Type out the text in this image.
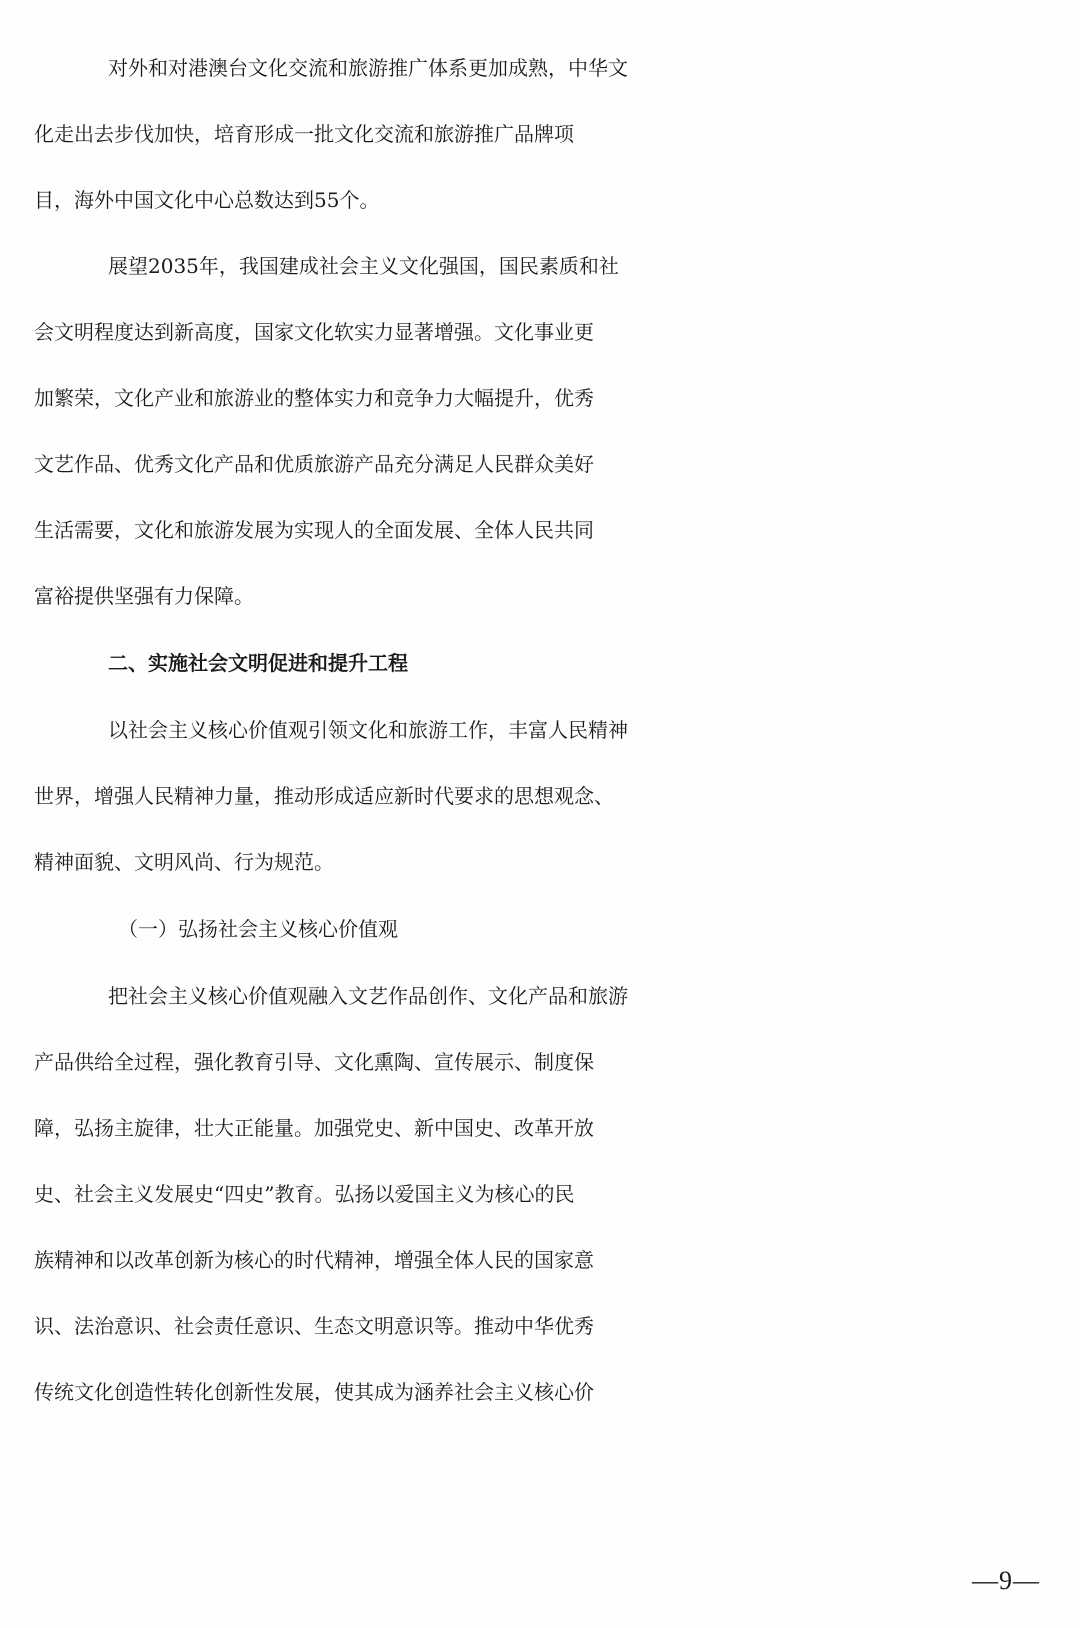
对外和对港澳台文化交流和旅游推广体系更加成熟，中华文
化走出去步伐加快，培育形成一批文化交流和旅游推广品牌项
目，海外中国文化中心总数达到55个。
展望2035年，我国建成社会主义文化强国，国民素质和社
会文明程度达到新高度，国家文化软实力显著增强。文化事业更
加繁荣，文化产业和旅游业的整体实力和竞争力大幅提升，优秀
文艺作品、优秀文化产品和优质旅游产品充分满足人民群众美好
生活需要，文化和旅游发展为实现人的全面发展、全体人民共同
富裕提供坚强有力保障。
二、实施社会文明促进和提升工程
以社会主义核心价值观引领文化和旅游工作，丰富人民精神
世界，增强人民精神力量，推动形成适应新时代要求的思想观念、
精神面貌、文明风尚、行为规范。
（一）弘扬社会主义核心价值观
把社会主义核心价值观融入文艺作品创作、文化产品和旅游
产品供给全过程，强化教育引导、文化熏陶、宣传展示、制度保
障，弘扬主旋律，壮大正能量。加强党史、新中国史、改革开放
史、社会主义发展史“四史”教育。弘扬以爱国主义为核心的民
族精神和以改革创新为核心的时代精神，增强全体人民的国家意
识、法治意识、社会责任意识、生态文明意识等。推动中华优秀
传统文化创造性转化创新性发展，使其成为涵养社会主义核心价
—9—
